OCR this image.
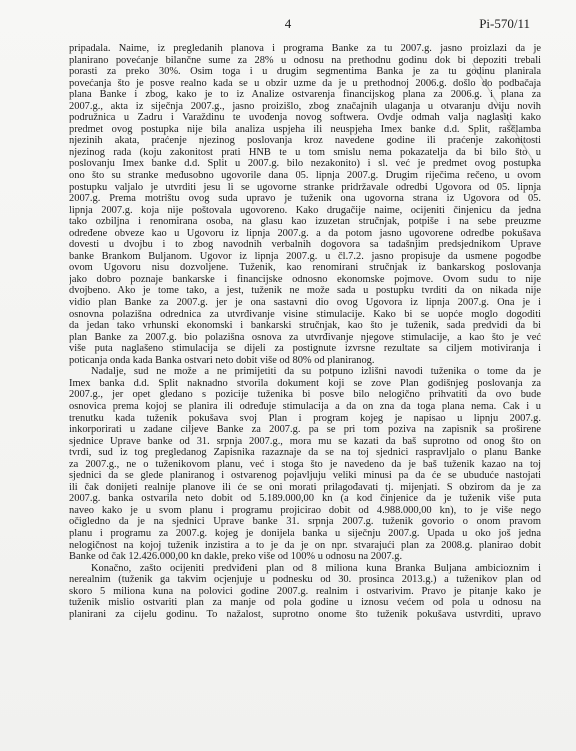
4	Pi-570/11
pripadala. Naime, iz pregledanih planova i programa Banke za tu 2007.g. jasno proizlazi da je
planirano povećanje bilančne sume za 28% u odnosu na prethodnu godinu dok bi depoziti trebali
porasti za preko 30%. Osim toga i u drugim segmentima Banka je za tu godinu planirala
povećanja što je posve realno kada se u obzir uzme da je u prethodnoj 2006.g. došlo do podbačaja
plana Banke i zbog, kako je to iz Analize ostvarenja financijskog plana za 2006.g. i plana za
2007.g., akta iz siječnja 2007.g., jasno proizišlo, zbog značajnih ulaganja u otvaranju dviju novih
podružnica u Zadru i Varaždinu te uvođenja novog softwera. Ovdje odmah valja naglasiti kako
predmet ovog postupka nije bila analiza uspjeha ili neuspjeha Imex banke d.d. Split, raščlamba
njezinih akata, praćenje njezinog poslovanja kroz navedene godine ili praćenje zakonitosti
njezinog rada (koju zakonitost prati HNB te u tom smislu nema pokazatelja da bi bilo što u
poslovanju Imex banke d.d. Split u 2007.g. bilo nezakonito) i sl. već je predmet ovog postupka
ono što su stranke međusobno ugovorile dana 05. lipnja 2007.g. Drugim riječima rečeno, u ovom
postupku valjalo je utvrditi jesu li se ugovorne stranke pridržavale odredbi Ugovora od 05. lipnja
2007.g. Prema motrištu ovog suda upravo je tuženik ona ugovorna strana iz Ugovora od 05.
lipnja 2007.g. koja nije poštovala ugovoreno. Kako drugačije naime, ocijeniti činjenicu da jedna
tako ozbiljna i renomirana osoba, na glasu kao izuzetan stručnjak, potpiše i na sebe preuzme
određene obveze kao u Ugovoru iz lipnja 2007.g. a da potom jasno ugovorene odredbe pokušava
dovesti u dvojbu i to zbog navodnih verbalnih dogovora sa tadašnjim predsjednikom Uprave
banke Brankom Buljanom. Ugovor iz lipnja 2007.g. u čl.7.2. jasno propisuje da usmene pogodbe
ovom Ugovoru nisu dozvoljene. Tuženik, kao renomirani stručnjak iz bankarskog poslovanja
jako dobro poznaje bankarske i financijske odnosno ekonomske pojmove. Ovom sudu to nije
dvojbeno. Ako je tome tako, a jest, tuženik ne može sada u postupku tvrditi da on nikada nije
vidio plan Banke za 2007.g. jer je ona sastavni dio ovog Ugovora iz lipnja 2007.g. Ona je i
osnovna polazišna odrednica za utvrđivanje visine stimulacije. Kako bi se uopće moglo dogoditi
da jedan tako vrhunski ekonomski i bankarski stručnjak, kao što je tuženik, sada predvidi da bi
plan Banke za 2007.g. bio polazišna osnova za utvrđivanje njegove stimulacije, a kao što je već
više puta naglašeno stimulacija se dijeli za postignute izvrsne rezultate sa ciljem motiviranja i
poticanja onda kada Banka ostvari neto dobit više od 80% od planiranog.
Nadalje, sud ne može a ne primijetiti da su potpuno izlišni navodi tuženika o tome da je
Imex banka d.d. Split naknadno stvorila dokument koji se zove Plan godišnjeg poslovanja za
2007.g., jer opet gledano s pozicije tuženika bi posve bilo nelogično prihvatiti da ovo bude
osnovica prema kojoj se planira ili određuje stimulacija a da on zna da toga plana nema. Čak i u
trenutku kada tuženik pokušava svoj Plan i program kojeg je napisao u lipnju 2007.g.
inkorporirati u zadane ciljeve Banke za 2007.g. pa se pri tom poziva na zapisnik sa proširene
sjednice Uprave banke od 31. srpnja 2007.g., mora mu se kazati da baš suprotno od onog što on
tvrdi, sud iz tog pregledanog Zapisnika razaznaje da se na toj sjednici raspravljalo o planu Banke
za 2007.g., ne o tuženikovom planu, već i stoga što je navedeno da je baš tuženik kazao na toj
sjednici da se glede planiranog i ostvarenog pojavljuju veliki minusi pa da će se ubuduće nastojati
ili čak donijeti realnije planove ili će se oni morati prilagođavati tj. mijenjati. S obzirom da je za
2007.g. banka ostvarila neto dobit od 5.189.000,00 kn (a kod činjenice da je tuženik više puta
naveo kako je u svom planu i programu projicirao dobit od 4.988.000,00 kn), to je više nego
očigledno da je na sjednici Uprave banke 31. srpnja 2007.g. tuženik govorio o onom pravom
planu i programu za 2007.g. kojeg je donijela banka u siječnju 2007.g. Upada u oko još jedna
nelogičnost na kojoj tuženik inzistira a to je da je on npr. stvarajući plan za 2008.g. planirao dobit
Banke od čak 12.426.000,00 kn dakle, preko više od 100% u odnosu na 2007.g.
Konačno, zašto ocijeniti predviđeni plan od 8 miliona kuna Branka Buljana ambicioznim i
nerealnim (tuženik ga takvim ocjenjuje u podnesku od 30. prosinca 2013.g.) a tuženikov plan od
skoro 5 miliona kuna na polovici godine 2007.g. realnim i ostvarivim. Pravo je pitanje kako je
tuženik mislio ostvariti plan za manje od pola godine u iznosu većem od pola u odnosu na
planirani za cijelu godinu. To nažalost, suprotno onome što tuženik pokušava ustvrditi, upravo
